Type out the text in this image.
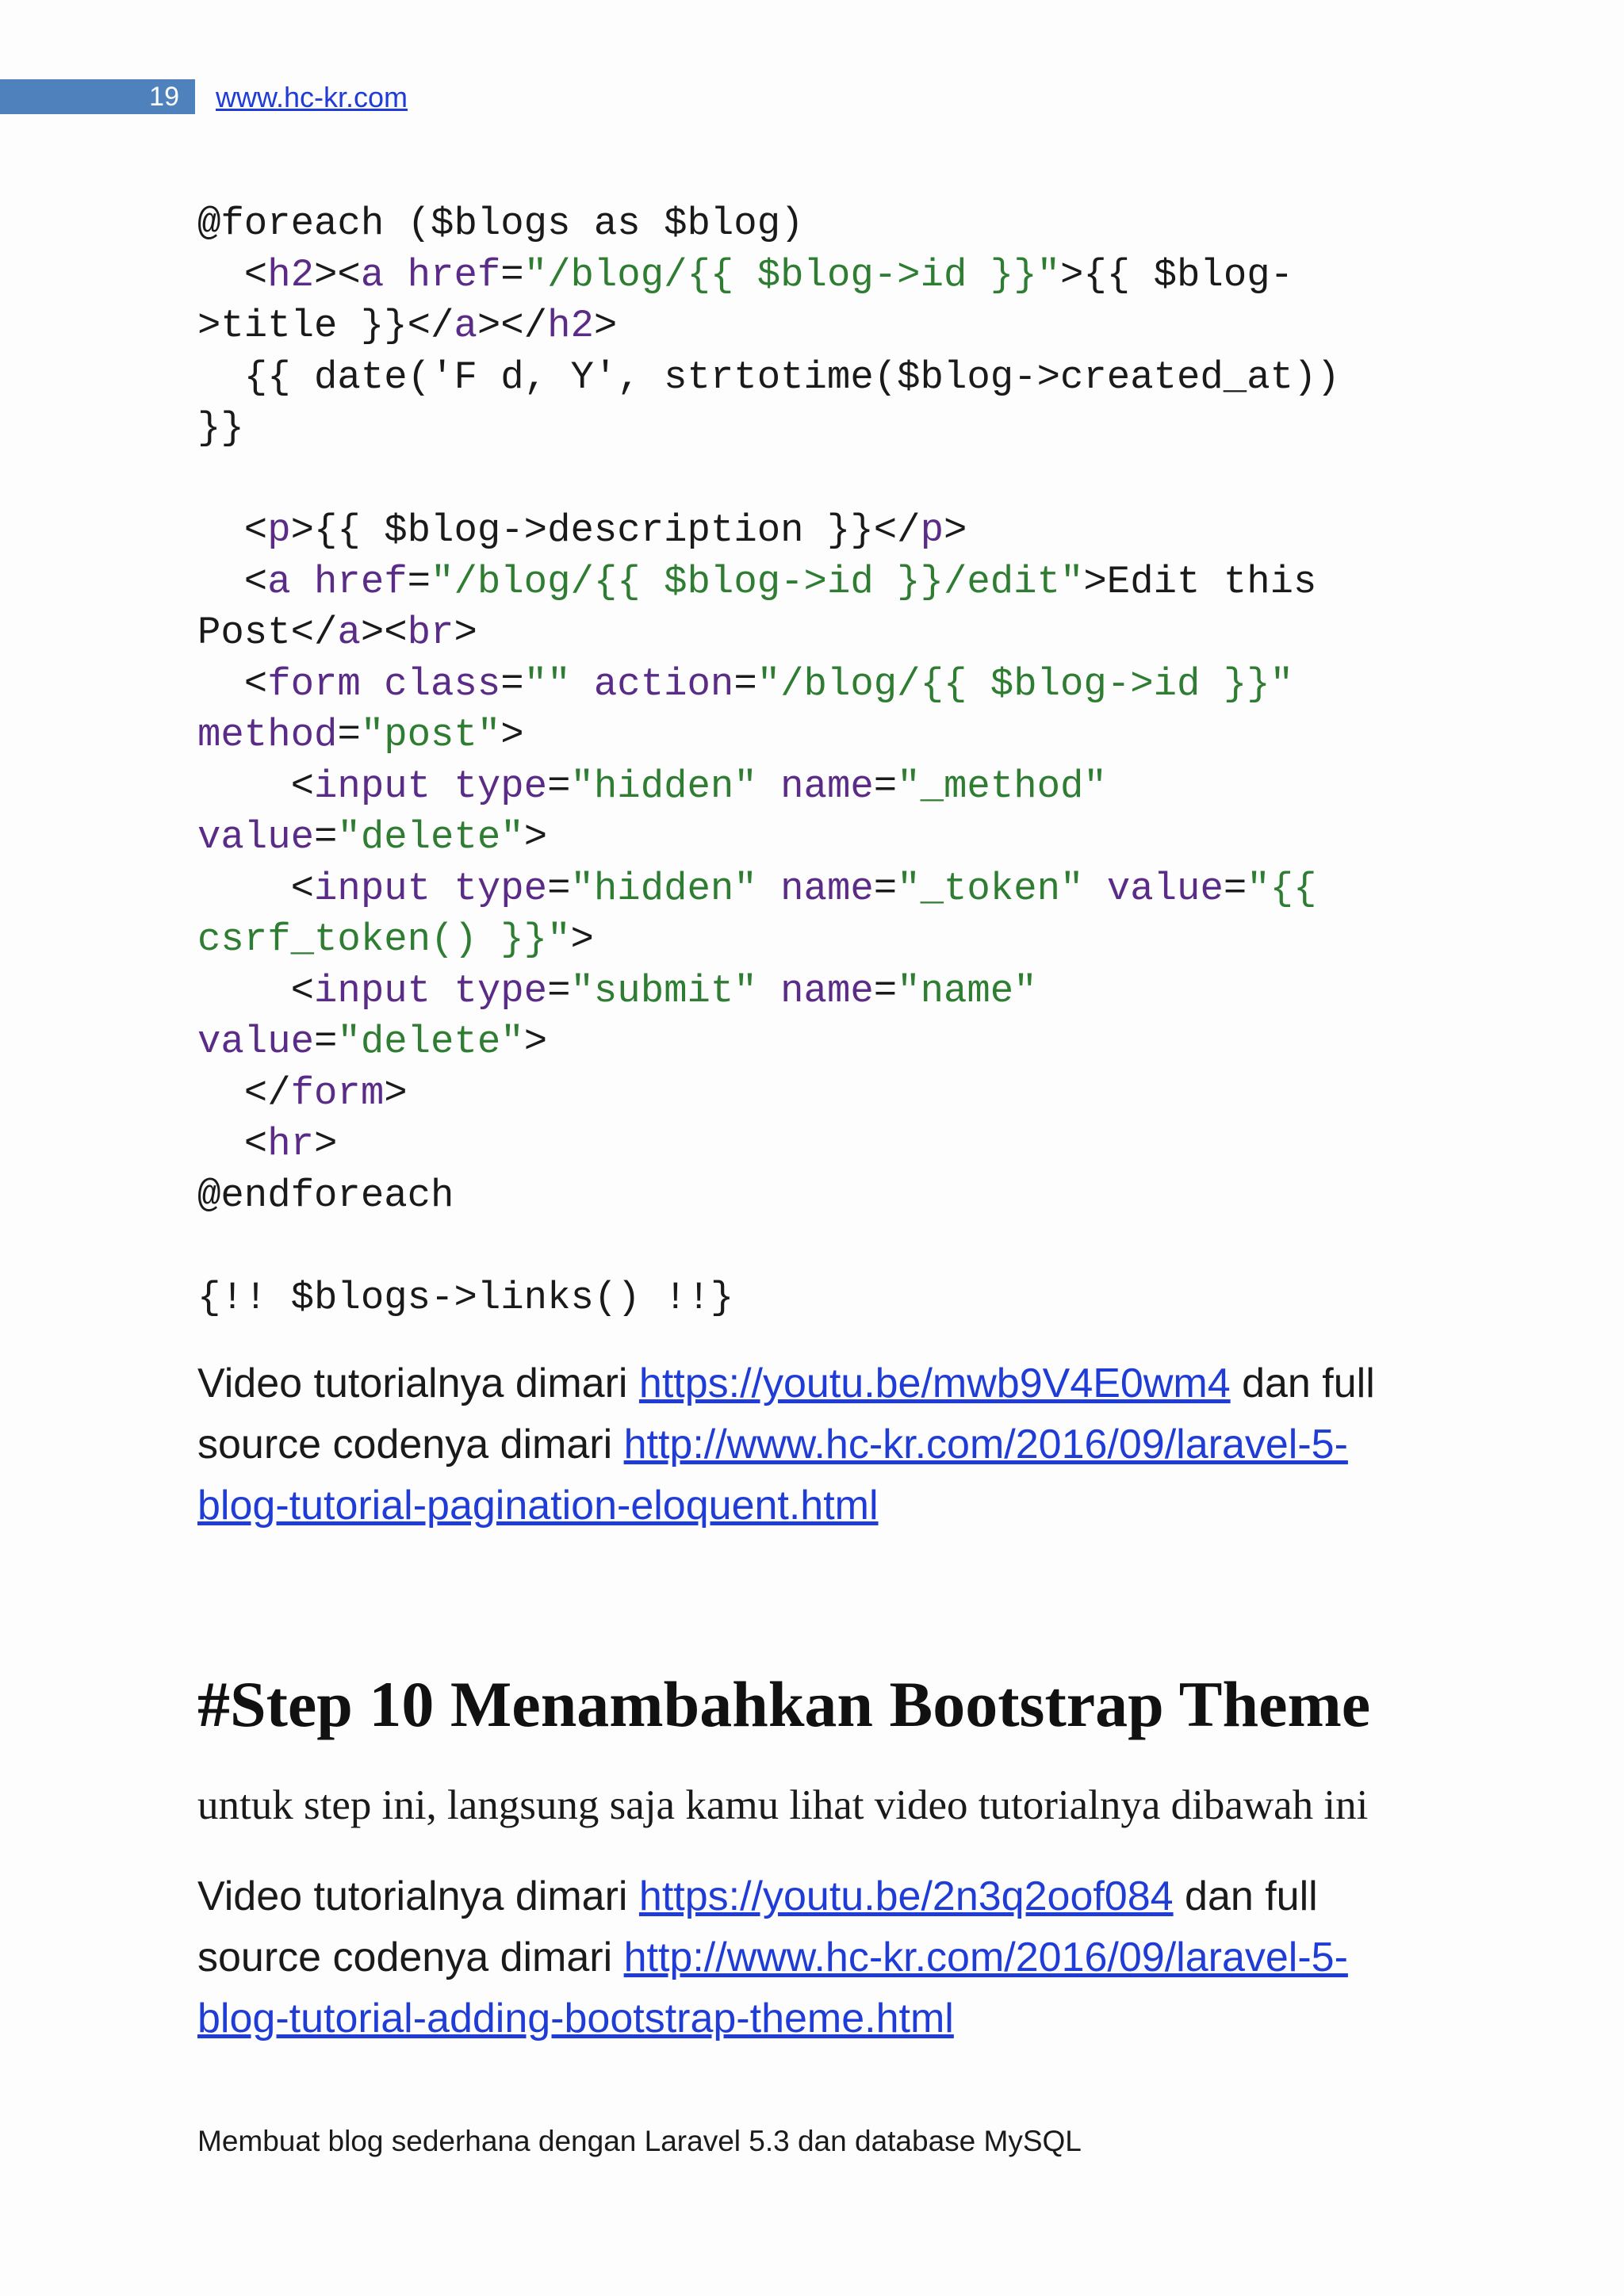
19 www.hc-kr.com
@foreach ($blogs as $blog)
<h2><a href="/blog/{{ $blog->id }}">{{ $blog-
>title }}</a></h2>
{{ date('F d, Y', strtotime($blog->created_at))
}}

<p>{{ $blog->description }}</p>
<a href="/blog/{{ $blog->id }}/edit">Edit this
Post</a><br>
<form class="" action="/blog/{{ $blog->id }}"
method="post">
<input type="hidden" name="_method"
value="delete">
<input type="hidden" name="_token" value="{{
csrf_token() }}">
<input type="submit" name="name"
value="delete">
</form>
<hr>
@endforeach

{!! $blogs->links() !!}

Video tutorialnya dimari https://youtu.be/mwb9V4E0wm4 dan full
source codenya dimari http://www.hc-kr.com/2016/09/laravel-5-
blog-tutorial-pagination-eloquent.html

#Step 10 Menambahkan Bootstrap Theme

untuk step ini, langsung saja kamu lihat video tutorialnya dibawah ini

Video tutorialnya dimari https://youtu.be/2n3q2oof084 dan full
source codenya dimari http://www.hc-kr.com/2016/09/laravel-5-
blog-tutorial-adding-bootstrap-theme.html

Membuat blog sederhana dengan Laravel 5.3 dan database MySQL
